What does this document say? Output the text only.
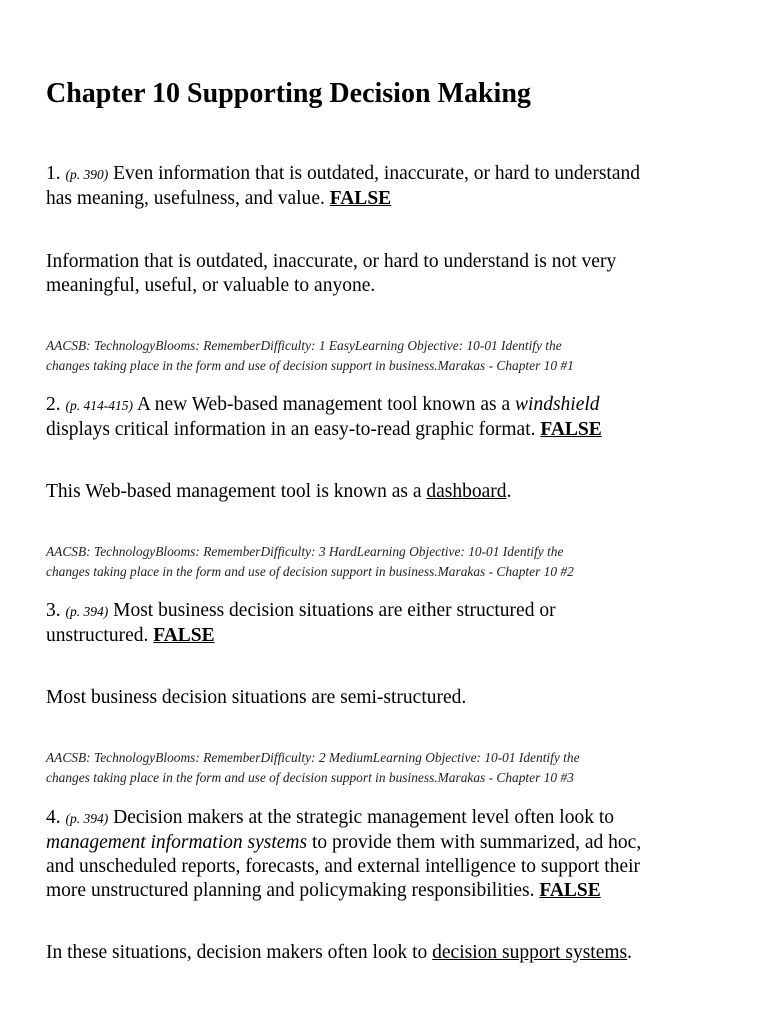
Chapter 10 Supporting Decision Making

1. (p. 390) Even information that is outdated, inaccurate, or hard to understand
has meaning, usefulness, and value. FALSE

Information that is outdated, inaccurate, or hard to understand is not very
meaningful, useful, or valuable to anyone.

AACSB: TechnologyBlooms: RememberDifficulty: 1 EasyLearning Objective: 10-01 Identify the
changes taking place in the form and use of decision support in business.Marakas - Chapter 10 #1

2. (p. 414-415) A new Web-based management tool known as a windshield
displays critical information in an easy-to-read graphic format. FALSE

This Web-based management tool is known as a dashboard.

AACSB: TechnologyBlooms: RememberDifficulty: 3 HardLearning Objective: 10-01 Identify the
changes taking place in the form and use of decision support in business.Marakas - Chapter 10 #2

3. (p. 394) Most business decision situations are either structured or
unstructured. FALSE

Most business decision situations are semi-structured.

AACSB: TechnologyBlooms: RememberDifficulty: 2 MediumLearning Objective: 10-01 Identify the
changes taking place in the form and use of decision support in business.Marakas - Chapter 10 #3

4. (p. 394) Decision makers at the strategic management level often look to
management information systems to provide them with summarized, ad hoc,
and unscheduled reports, forecasts, and external intelligence to support their
more unstructured planning and policymaking responsibilities. FALSE

In these situations, decision makers often look to decision support systems.
